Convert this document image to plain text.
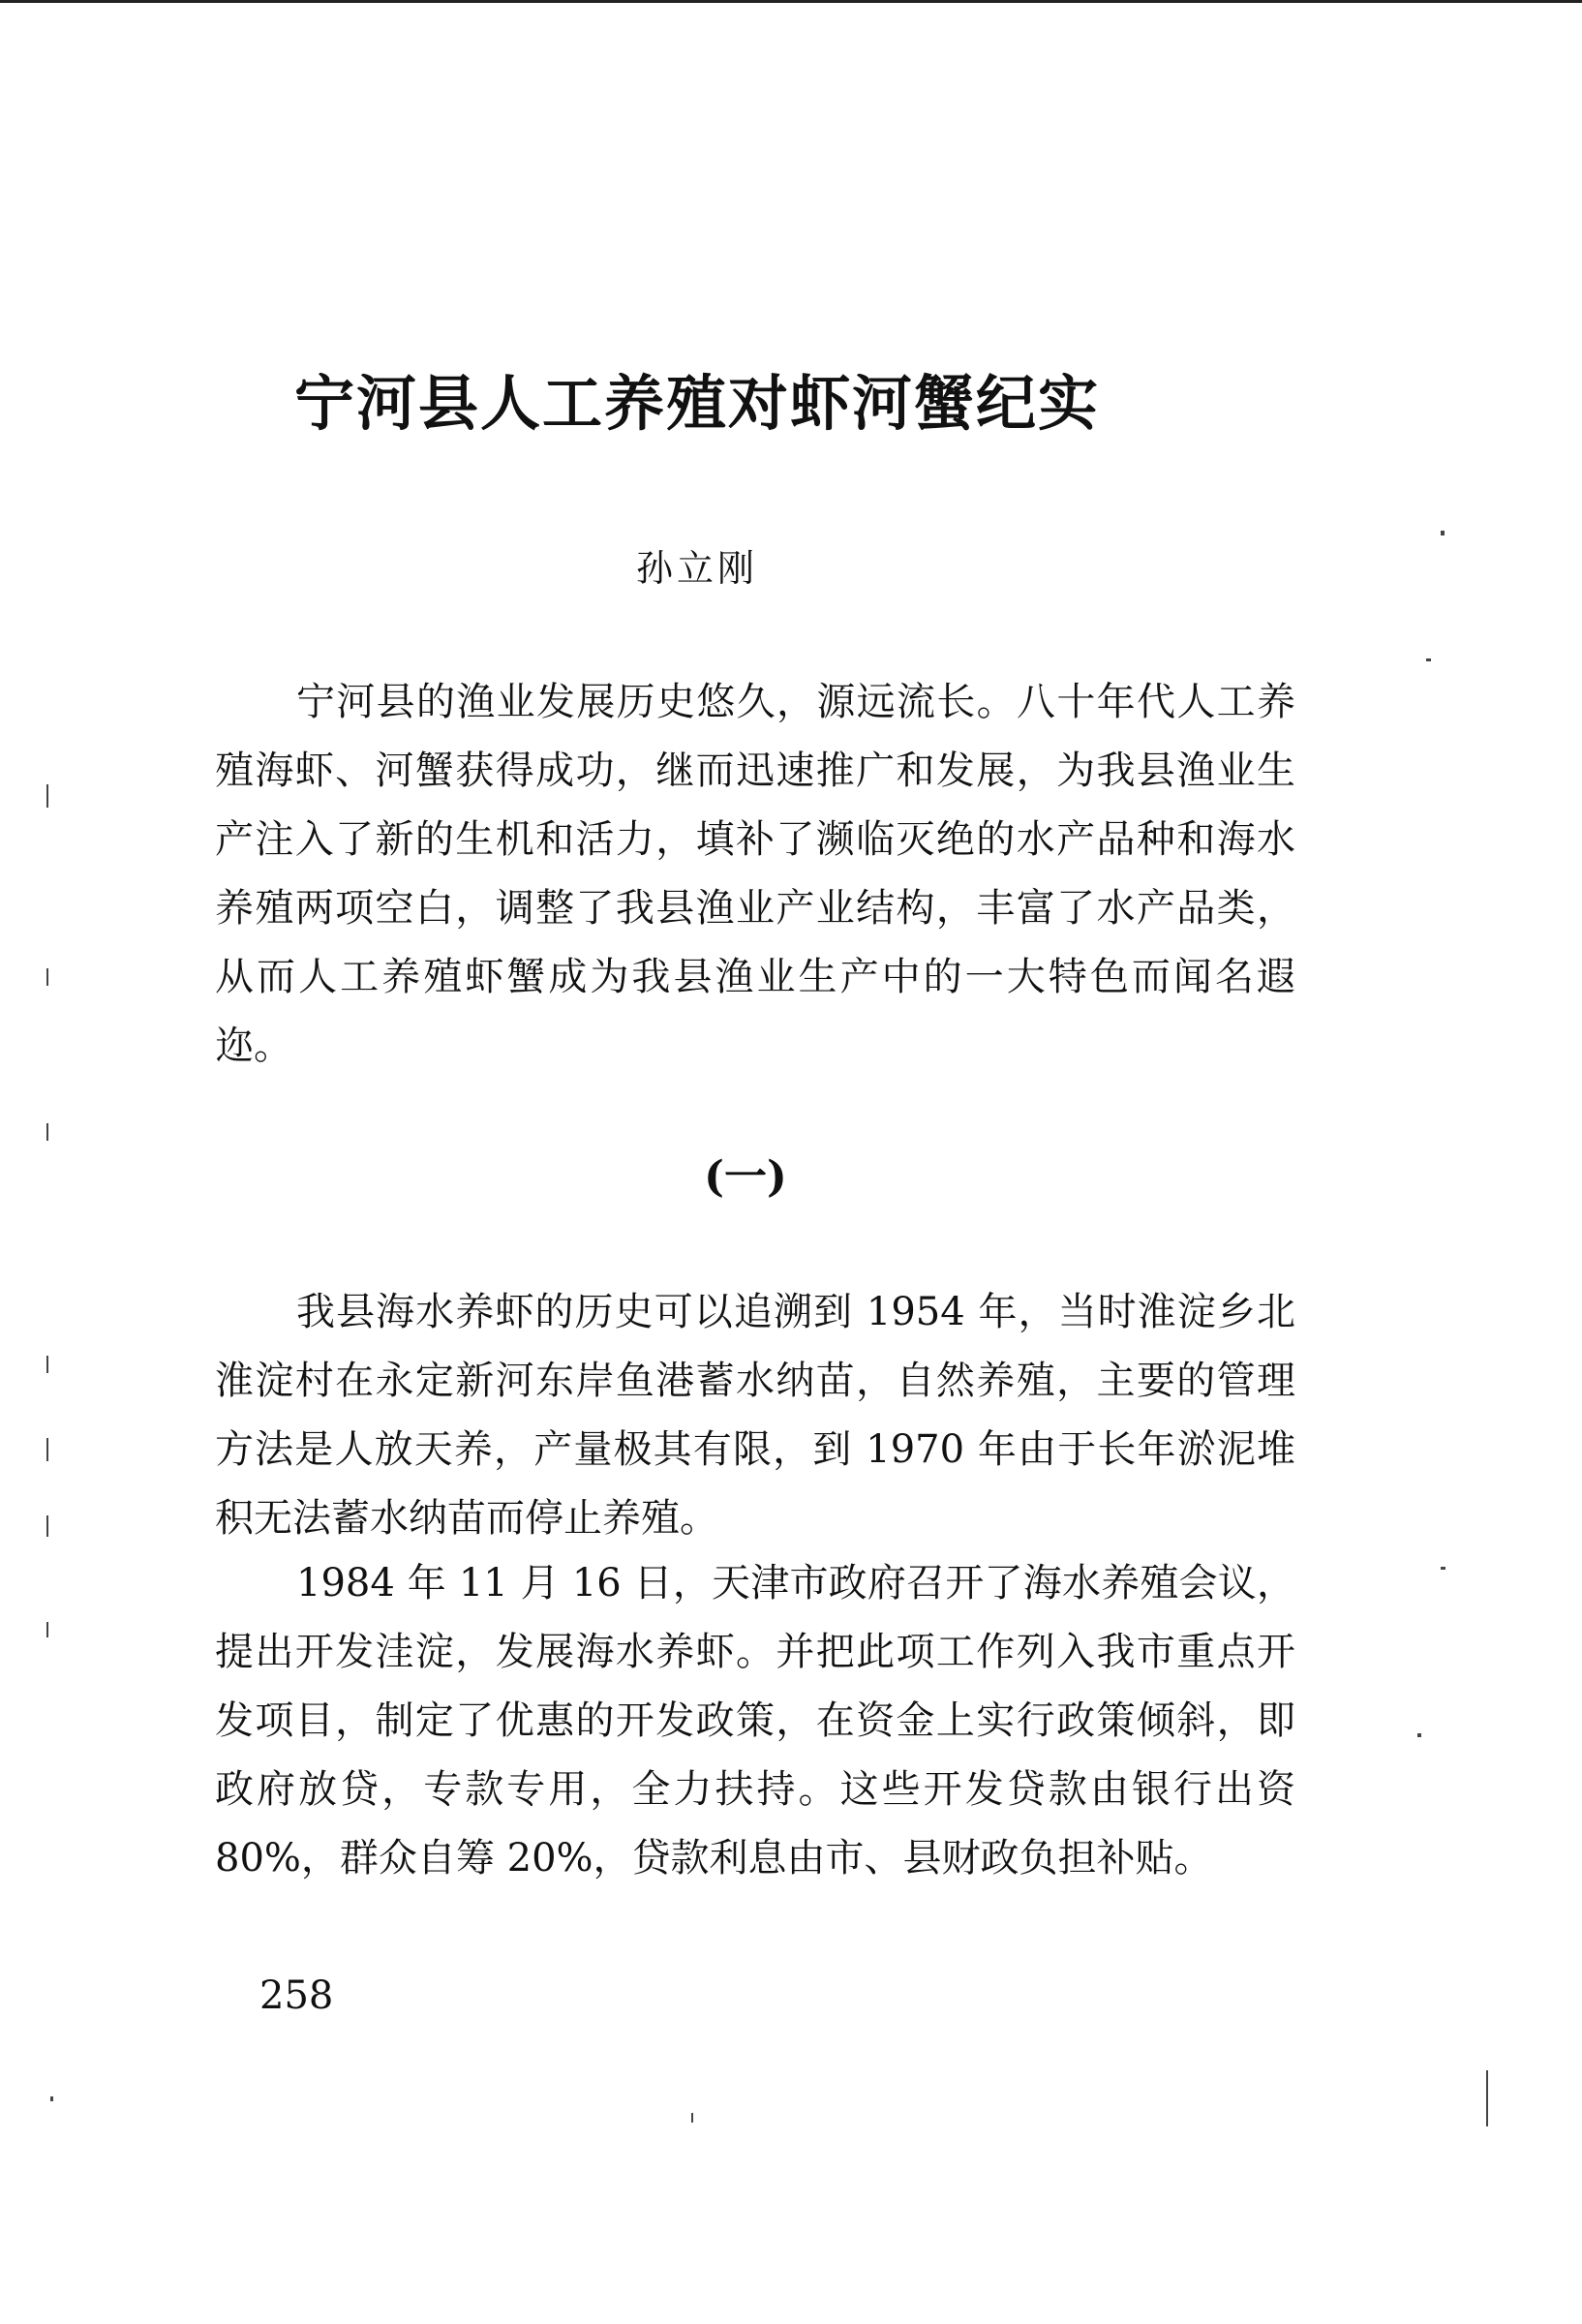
宁河县人工养殖对虾河蟹纪实
孙立刚

宁河县的渔业发展历史悠久，源远流长。八十年代人工养殖海虾、河蟹获得成功，继而迅速推广和发展，为我县渔业生产注入了新的生机和活力，填补了濒临灭绝的水产品种和海水养殖两项空白，调整了我县渔业产业结构，丰富了水产品类，从而人工养殖虾蟹成为我县渔业生产中的一大特色而闻名遐迩。

(一)

我县海水养虾的历史可以追溯到 1954 年，当时淮淀乡北淮淀村在永定新河东岸鱼港蓄水纳苗，自然养殖，主要的管理方法是人放天养，产量极其有限，到 1970 年由于长年淤泥堆积无法蓄水纳苗而停止养殖。

1984 年 11 月 16 日，天津市政府召开了海水养殖会议，提出开发洼淀，发展海水养虾。并把此项工作列入我市重点开发项目，制定了优惠的开发政策，在资金上实行政策倾斜，即政府放贷，专款专用，全力扶持。这些开发贷款由银行出资 80%，群众自筹 20%，贷款利息由市、县财政负担补贴。

258
